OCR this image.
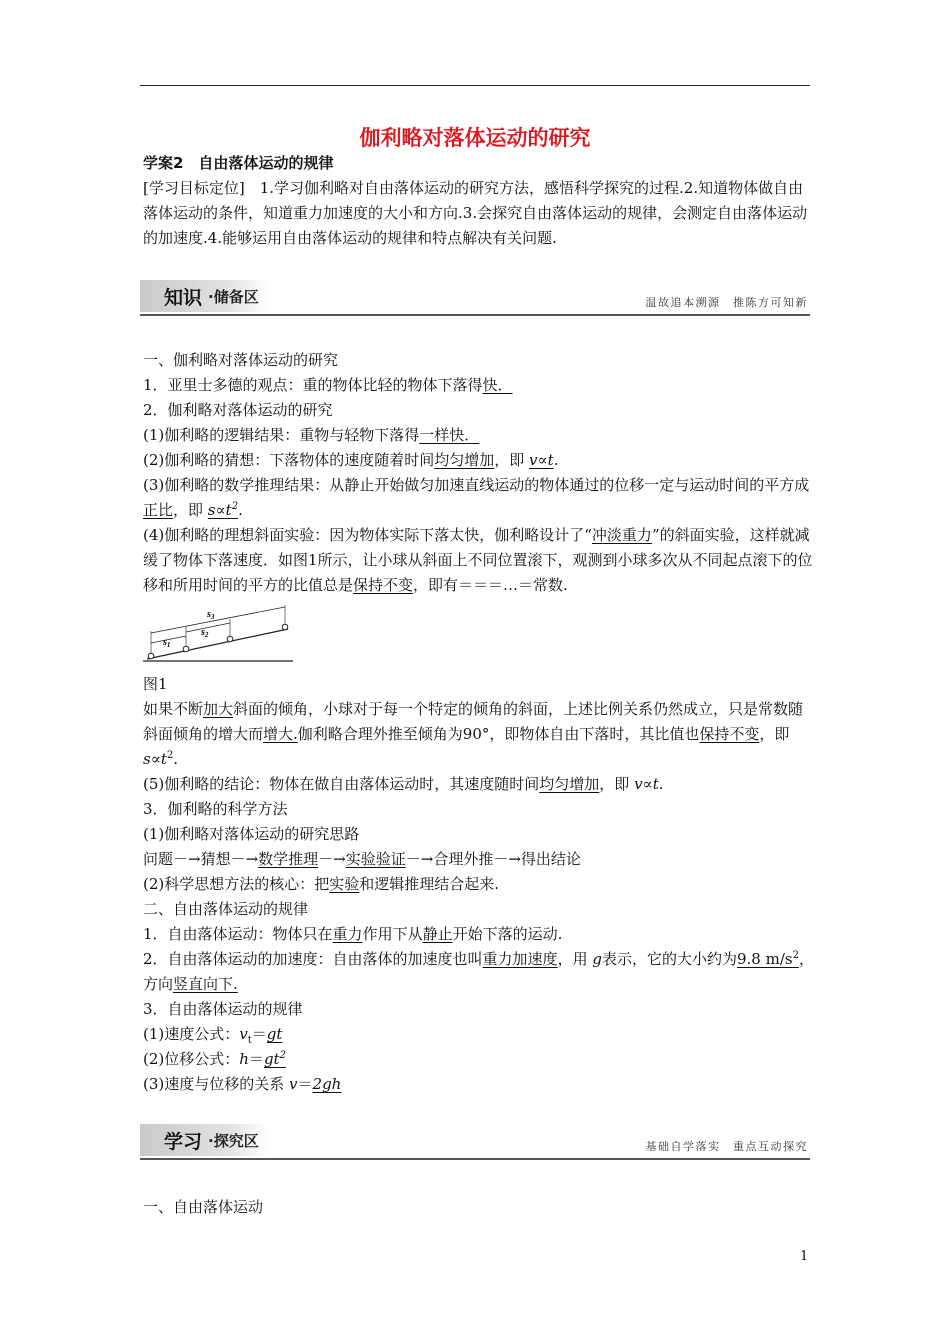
伽利略对落体运动的研究

学案2　自由落体运动的规律

[学习目标定位]　1.学习伽利略对自由落体运动的研究方法，感悟科学探究的过程.2.知道物体做自由落体运动的条件，知道重力加速度的大小和方向.3.会探究自由落体运动的规律，会测定自由落体运动的加速度.4.能够运用自由落体运动的规律和特点解决有关问题.

知识 ·储备区	温故追本溯源　推陈方可知新

一、伽利略对落体运动的研究

1．亚里士多德的观点：重的物体比轻的物体下落得快．

2．伽利略对落体运动的研究

(1)伽利略的逻辑结果：重物与轻物下落得一样快．

(2)伽利略的猜想：下落物体的速度随着时间均匀增加，即 v∝t.

(3)伽利略的数学推理结果：从静止开始做匀加速直线运动的物体通过的位移一定与运动时间的平方成正比，即 $s\propto t^2$.

(4)伽利略的理想斜面实验：因为物体实际下落太快，伽利略设计了“冲淡重力”的斜面实验，这样就减缓了物体下落速度．如图1所示，让小球从斜面上不同位置滚下，观测到小球多次从不同起点滚下的位移和所用时间的平方的比值总是保持不变，即有＝＝＝…＝常数.

$s_1$
$s_2$
$s_3$

图1

如果不断加大斜面的倾角，小球对于每一个特定的倾角的斜面，上述比例关系仍然成立，只是常数随斜面倾角的增大而增大.伽利略合理外推至倾角为90°，即物体自由下落时，其比值也保持不变，即 $s\propto t^2$.

(5)伽利略的结论：物体在做自由落体运动时，其速度随时间均匀增加，即 v∝t.

3．伽利略的科学方法

(1)伽利略对落体运动的研究思路

问题－→猜想－→数学推理－→实验验证－→合理外推－→得出结论

(2)科学思想方法的核心：把实验和逻辑推理结合起来.

二、自由落体运动的规律

1．自由落体运动：物体只在重力作用下从静止开始下落的运动.

2．自由落体运动的加速度：自由落体的加速度也叫重力加速度，用 g表示，它的大小约为9.8 $m/s^2$，方向竖直向下.

3．自由落体运动的规律

(1)速度公式：$v_t=gt$

(2)位移公式：$h=gt^2$

(3)速度与位移的关系 v＝2gh

学习 ·探究区	基础自学落实　重点互动探究

一、自由落体运动

1
